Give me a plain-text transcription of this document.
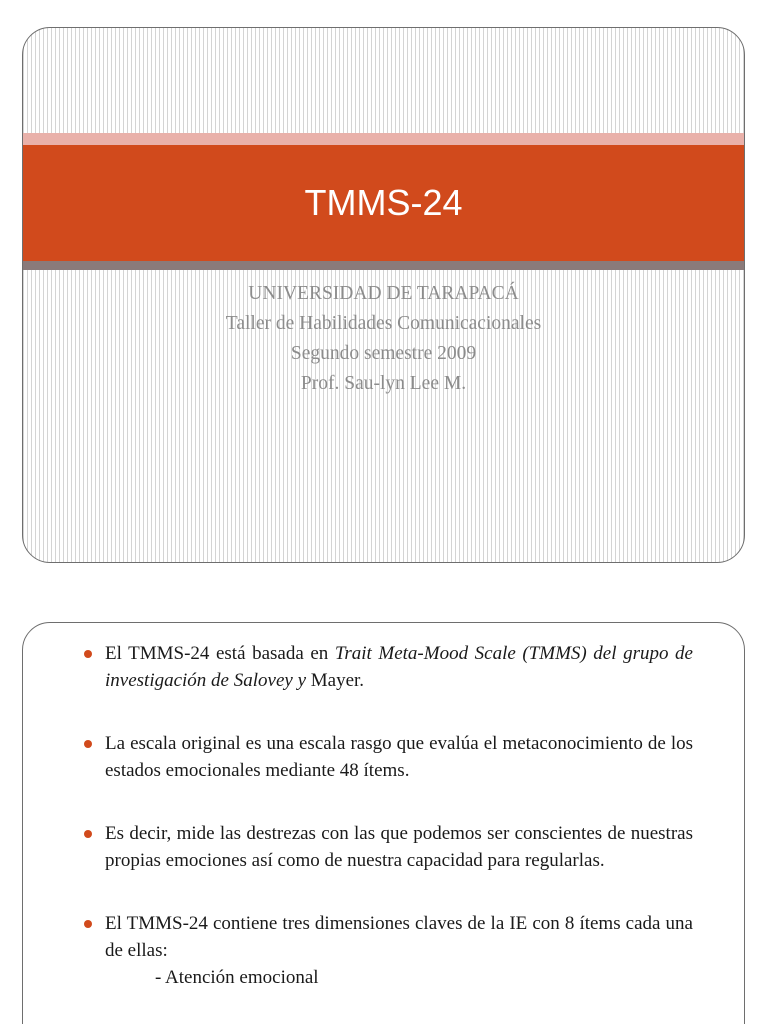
TMMS-24
UNIVERSIDAD DE TARAPACÁ
Taller de Habilidades Comunicacionales
Segundo semestre 2009
Prof. Sau-lyn Lee M.
El TMMS-24 está basada en Trait Meta-Mood Scale (TMMS) del grupo de investigación de Salovey y Mayer.
La escala original es una escala rasgo que evalúa el metaconocimiento de los estados emocionales mediante 48 ítems.
Es decir, mide las destrezas con las que podemos ser conscientes de nuestras propias emociones así como de nuestra capacidad para regularlas.
El TMMS-24 contiene tres dimensiones claves de la IE con 8 ítems cada una de ellas:
- Atención emocional
